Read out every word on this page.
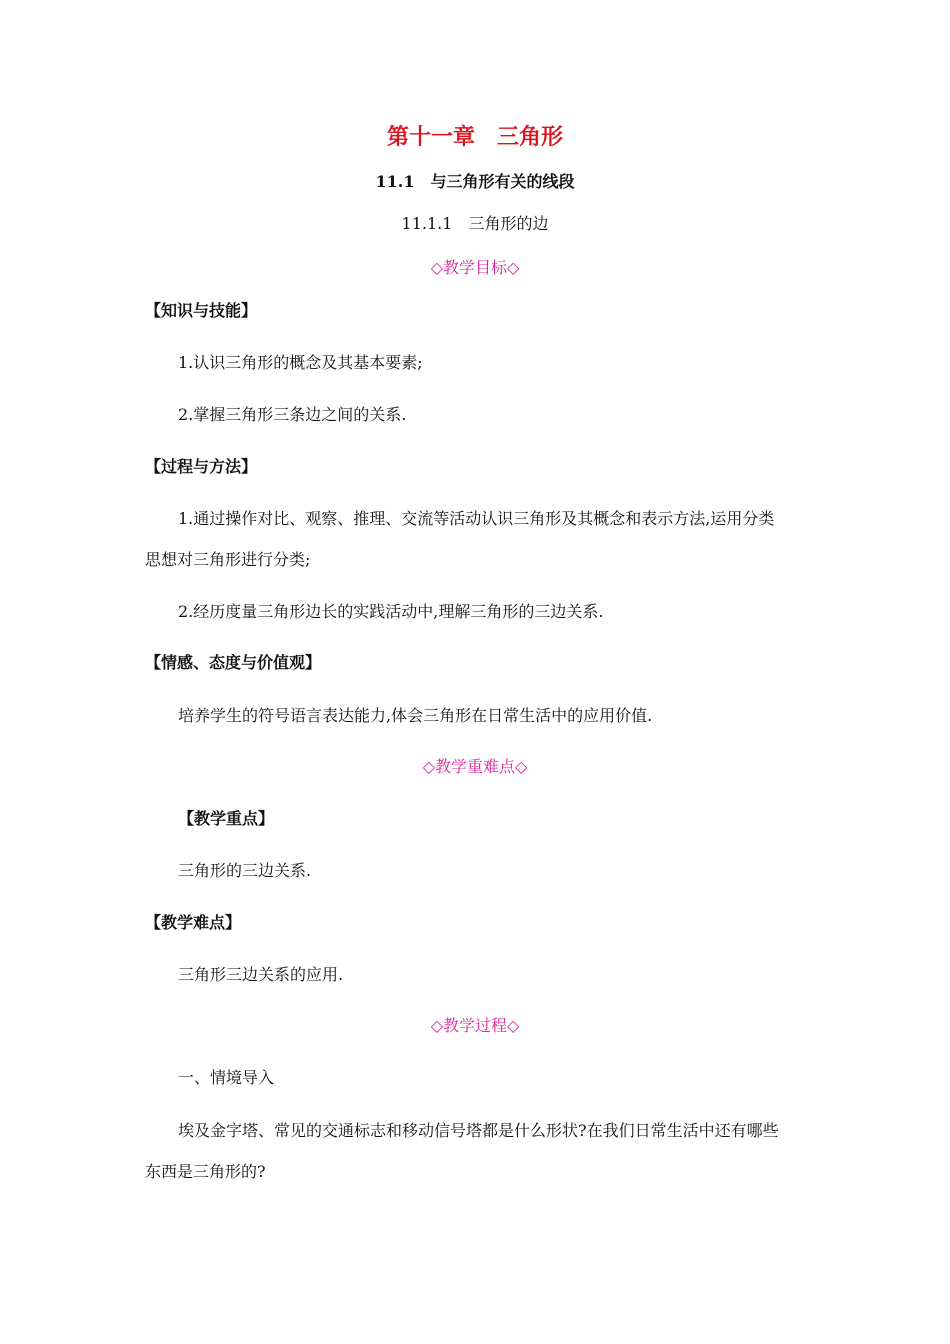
第十一章　三角形
11.1　与三角形有关的线段
11.1.1　三角形的边
◇教学目标◇
【知识与技能】
1.认识三角形的概念及其基本要素;
2.掌握三角形三条边之间的关系.
【过程与方法】
1.通过操作对比、观察、推理、交流等活动认识三角形及其概念和表示方法,运用分类
思想对三角形进行分类;
2.经历度量三角形边长的实践活动中,理解三角形的三边关系.
【情感、态度与价值观】
培养学生的符号语言表达能力,体会三角形在日常生活中的应用价值.
◇教学重难点◇
【教学重点】
三角形的三边关系.
【教学难点】
三角形三边关系的应用.
◇教学过程◇
一、情境导入
埃及金字塔、常见的交通标志和移动信号塔都是什么形状?在我们日常生活中还有哪些
东西是三角形的?
